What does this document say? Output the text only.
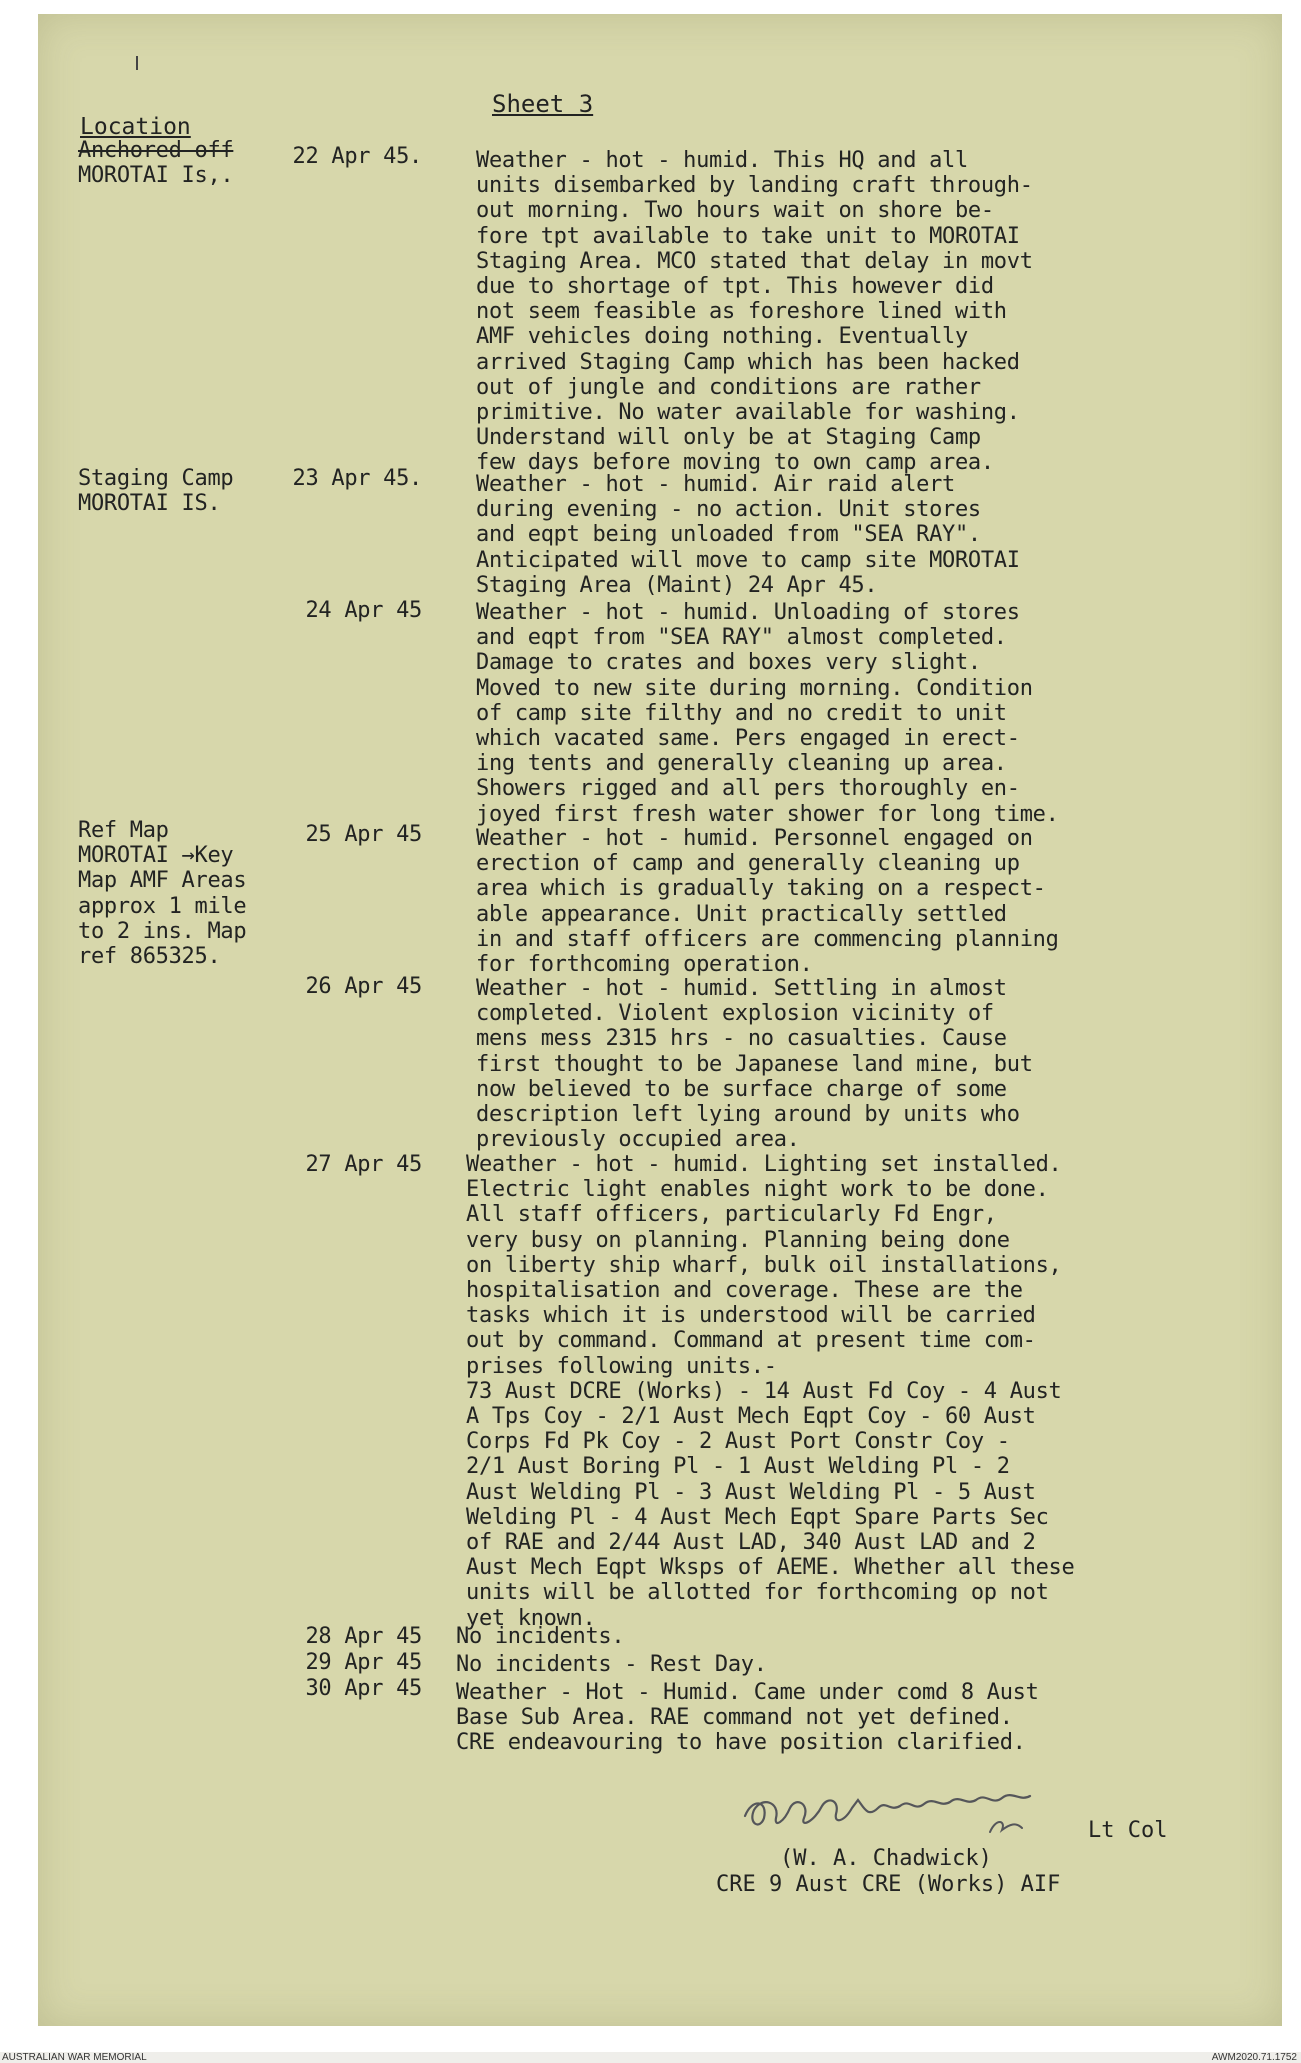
Sheet 3
Location
Anchored off
MOROTAI Is,.
22 Apr 45. Weather - hot - humid. This HQ and all
units disembarked by landing craft through-
out morning. Two hours wait on shore be-
fore tpt available to take unit to MOROTAI
Staging Area. MCO stated that delay in movt
due to shortage of tpt. This however did
not seem feasible as foreshore lined with
AMF vehicles doing nothing. Eventually
arrived Staging Camp which has been hacked
out of jungle and conditions are rather
primitive. No water available for washing.
Understand will only be at Staging Camp
few days before moving to own camp area.
Staging Camp
MOROTAI IS.
23 Apr 45. Weather - hot - humid. Air raid alert
during evening - no action. Unit stores
and eqpt being unloaded from "SEA RAY".
Anticipated will move to camp site MOROTAI
Staging Area (Maint) 24 Apr 45.
24 Apr 45 Weather - hot - humid. Unloading of stores
and eqpt from "SEA RAY" almost completed.
Damage to crates and boxes very slight.
Moved to new site during morning. Condition
of camp site filthy and no credit to unit
which vacated same. Pers engaged in erect-
ing tents and generally cleaning up area.
Showers rigged and all pers thoroughly en-
joyed first fresh water shower for long time.
Ref Map
MOROTAI →Key
Map AMF Areas
approx 1 mile
to 2 ins. Map
ref 865325.
25 Apr 45 Weather - hot - humid. Personnel engaged on
erection of camp and generally cleaning up
area which is gradually taking on a respect-
able appearance. Unit practically settled
in and staff officers are commencing planning
for forthcoming operation.
26 Apr 45 Weather - hot - humid. Settling in almost
completed. Violent explosion vicinity of
mens mess 2315 hrs - no casualties. Cause
first thought to be Japanese land mine, but
now believed to be surface charge of some
description left lying around by units who
previously occupied area.
27 Apr 45 Weather - hot - humid. Lighting set installed.
Electric light enables night work to be done.
All staff officers, particularly Fd Engr,
very busy on planning. Planning being done
on liberty ship wharf, bulk oil installations,
hospitalisation and coverage. These are the
tasks which it is understood will be carried
out by command. Command at present time com-
prises following units.-
73 Aust DCRE (Works) - 14 Aust Fd Coy - 4 Aust
A Tps Coy - 2/1 Aust Mech Eqpt Coy - 60 Aust
Corps Fd Pk Coy - 2 Aust Port Constr Coy -
2/1 Aust Boring Pl - 1 Aust Welding Pl - 2
Aust Welding Pl - 3 Aust Welding Pl - 5 Aust
Welding Pl - 4 Aust Mech Eqpt Spare Parts Sec
of RAE and 2/44 Aust LAD, 340 Aust LAD and 2
Aust Mech Eqpt Wksps of AEME. Whether all these
units will be allotted for forthcoming op not
yet known.
28 Apr 45 No incidents.
29 Apr 45 No incidents - Rest Day.
30 Apr 45 Weather - Hot - Humid. Came under comd 8 Aust
Base Sub Area. RAE command not yet defined.
CRE endeavouring to have position clarified.
Lt Col
(W. A. Chadwick)
CRE 9 Aust CRE (Works) AIF
AUSTRALIAN WAR MEMORIAL	AWM2020.71.1752
